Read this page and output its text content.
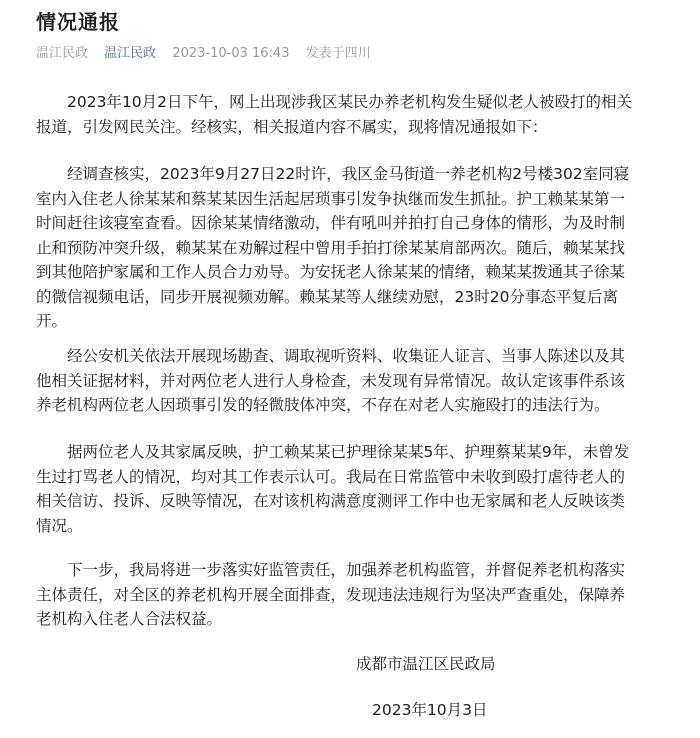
情况通报
温江民政 温江民政 2023-10-03 16:43 发表于四川
2023年10月2日下午，网上出现涉我区某民办养老机构发生疑似老人被殴打的相关
报道，引发网民关注。经核实，相关报道内容不属实，现将情况通报如下：
经调查核实，2023年9月27日22时许，我区金马街道一养老机构2号楼302室同寝
室内入住老人徐某某和蔡某某因生活起居琐事引发争执继而发生抓扯。护工赖某某第一
时间赶往该寝室查看。因徐某某情绪激动，伴有吼叫并拍打自己身体的情形，为及时制
止和预防冲突升级，赖某某在劝解过程中曾用手拍打徐某某肩部两次。随后，赖某某找
到其他陪护家属和工作人员合力劝导。为安抚老人徐某某的情绪，赖某某拨通其子徐某
的微信视频电话，同步开展视频劝解。赖某某等人继续劝慰，23时20分事态平复后离
开。
经公安机关依法开展现场勘查、调取视听资料、收集证人证言、当事人陈述以及其
他相关证据材料，并对两位老人进行人身检查，未发现有异常情况。故认定该事件系该
养老机构两位老人因琐事引发的轻微肢体冲突，不存在对老人实施殴打的违法行为。
据两位老人及其家属反映，护工赖某某已护理徐某某5年、护理蔡某某9年，未曾发
生过打骂老人的情况，均对其工作表示认可。我局在日常监管中未收到殴打虐待老人的
相关信访、投诉、反映等情况，在对该机构满意度测评工作中也无家属和老人反映该类
情况。
下一步，我局将进一步落实好监管责任，加强养老机构监管，并督促养老机构落实
主体责任，对全区的养老机构开展全面排查，发现违法违规行为坚决严查重处，保障养
老机构入住老人合法权益。
成都市温江区民政局
2023年10月3日
